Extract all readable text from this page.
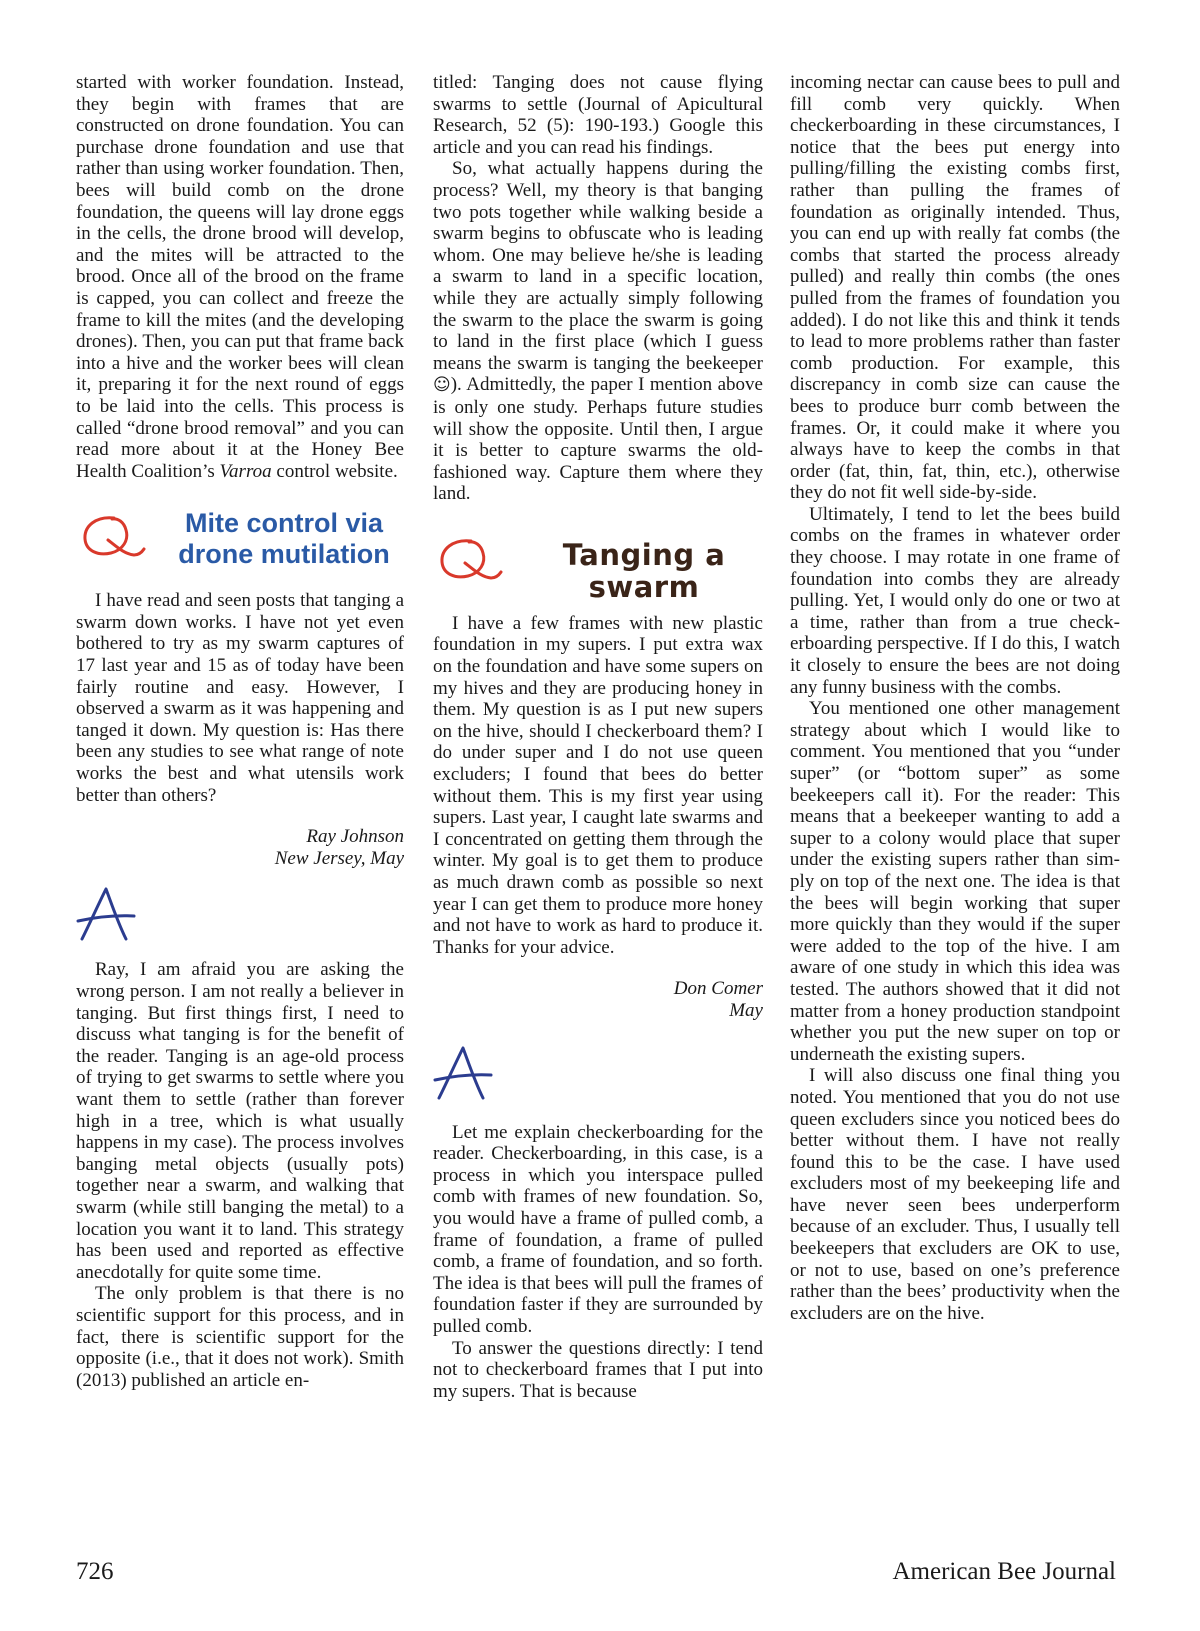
started with worker foundation. Instead, they begin with frames that are constructed on drone foundation. You can purchase drone foundation and use that rather than using worker foundation. Then, bees will build comb on the drone foundation, the queens will lay drone eggs in the cells, the drone brood will develop, and the mites will be attracted to the brood. Once all of the brood on the frame is capped, you can collect and freeze the frame to kill the mites (and the developing drones). Then, you can put that frame back into a hive and the worker bees will clean it, preparing it for the next round of eggs to be laid into the cells. This process is called “drone brood removal” and you can read more about it at the Honey Bee Health Coalition’s Varroa control website.

Mite control via
drone mutilation

I have read and seen posts that tanging a swarm down works. I have not yet even bothered to try as my swarm captures of 17 last year and 15 as of today have been fairly routine and easy. However, I observed a swarm as it was happening and tanged it down. My question is: Has there been any studies to see what range of note works the best and what utensils work better than others?

Ray Johnson

New Jersey, May

Ray, I am afraid you are asking the wrong person. I am not really a believer in tanging. But first things first, I need to discuss what tanging is for the benefit of the reader. Tanging is an age-old process of trying to get swarms to settle where you want them to settle (rather than forever high in a tree, which is what usually happens in my case). The process involves banging metal objects (usually pots) together near a swarm, and walking that swarm (while still banging the metal) to a location you want it to land. This strategy has been used and reported as effective anecdotally for quite some time.

The only problem is that there is no scientific support for this process, and in fact, there is scientific support for the opposite (i.e., that it does not work). Smith (2013) published an article en-

titled: Tanging does not cause flying swarms to settle (Journal of Apicultural Research, 52 (5): 190-193.) Google this article and you can read his findings.

So, what actually happens during the process? Well, my theory is that banging two pots together while walking beside a swarm begins to obfuscate who is leading whom. One may believe he/she is leading a swarm to land in a specific location, while they are actually simply following the swarm to the place the swarm is going to land in the first place (which I guess means the swarm is tanging the beekeeper ☺). Admittedly, the paper I mention above is only one study. Perhaps future studies will show the opposite. Until then, I argue it is better to capture swarms the old-fashioned way. Capture them where they land.

Tanging a
swarm

I have a few frames with new plastic foundation in my supers. I put extra wax on the foundation and have some supers on my hives and they are producing honey in them. My question is as I put new supers on the hive, should I checkerboard them? I do under super and I do not use queen excluders; I found that bees do better without them. This is my first year using supers. Last year, I caught late swarms and I concentrated on getting them through the winter. My goal is to get them to produce as much drawn comb as possible so next year I can get them to produce more honey and not have to work as hard to produce it. Thanks for your advice.

Don Comer

May

Let me explain checkerboarding for the reader. Checkerboarding, in this case, is a process in which you interspace pulled comb with frames of new foundation. So, you would have a frame of pulled comb, a frame of foundation, a frame of pulled comb, a frame of foundation, and so forth. The idea is that bees will pull the frames of foundation faster if they are surrounded by pulled comb.

To answer the questions directly: I tend not to checkerboard frames that I put into my supers. That is because

incoming nectar can cause bees to pull and fill comb very quickly. When checkerboarding in these circumstances, I notice that the bees put energy into pulling/filling the existing combs first, rather than pulling the frames of foundation as originally intended. Thus, you can end up with really fat combs (the combs that started the process already pulled) and really thin combs (the ones pulled from the frames of foundation you added). I do not like this and think it tends to lead to more problems rather than faster comb production. For example, this discrepancy in comb size can cause the bees to produce burr comb between the frames. Or, it could make it where you always have to keep the combs in that order (fat, thin, fat, thin, etc.), otherwise they do not fit well side-by-side.

Ultimately, I tend to let the bees build combs on the frames in whatever order they choose. I may rotate in one frame of foundation into combs they are already pulling. Yet, I would only do one or two at a time, rather than from a true checkerboarding perspective. If I do this, I watch it closely to ensure the bees are not doing any funny business with the combs.

You mentioned one other management strategy about which I would like to comment. You mentioned that you “under super” (or “bottom super” as some beekeepers call it). For the reader: This means that a beekeeper wanting to add a super to a colony would place that super under the existing supers rather than simply on top of the next one. The idea is that the bees will begin working that super more quickly than they would if the super were added to the top of the hive. I am aware of one study in which this idea was tested. The authors showed that it did not matter from a honey production standpoint whether you put the new super on top or underneath the existing supers.

I will also discuss one final thing you noted. You mentioned that you do not use queen excluders since you noticed bees do better without them. I have not really found this to be the case. I have used excluders most of my beekeeping life and have never seen bees underperform because of an excluder. Thus, I usually tell beekeepers that excluders are OK to use, or not to use, based on one’s preference rather than the bees’ productivity when the excluders are on the hive.

726	American Bee Journal
